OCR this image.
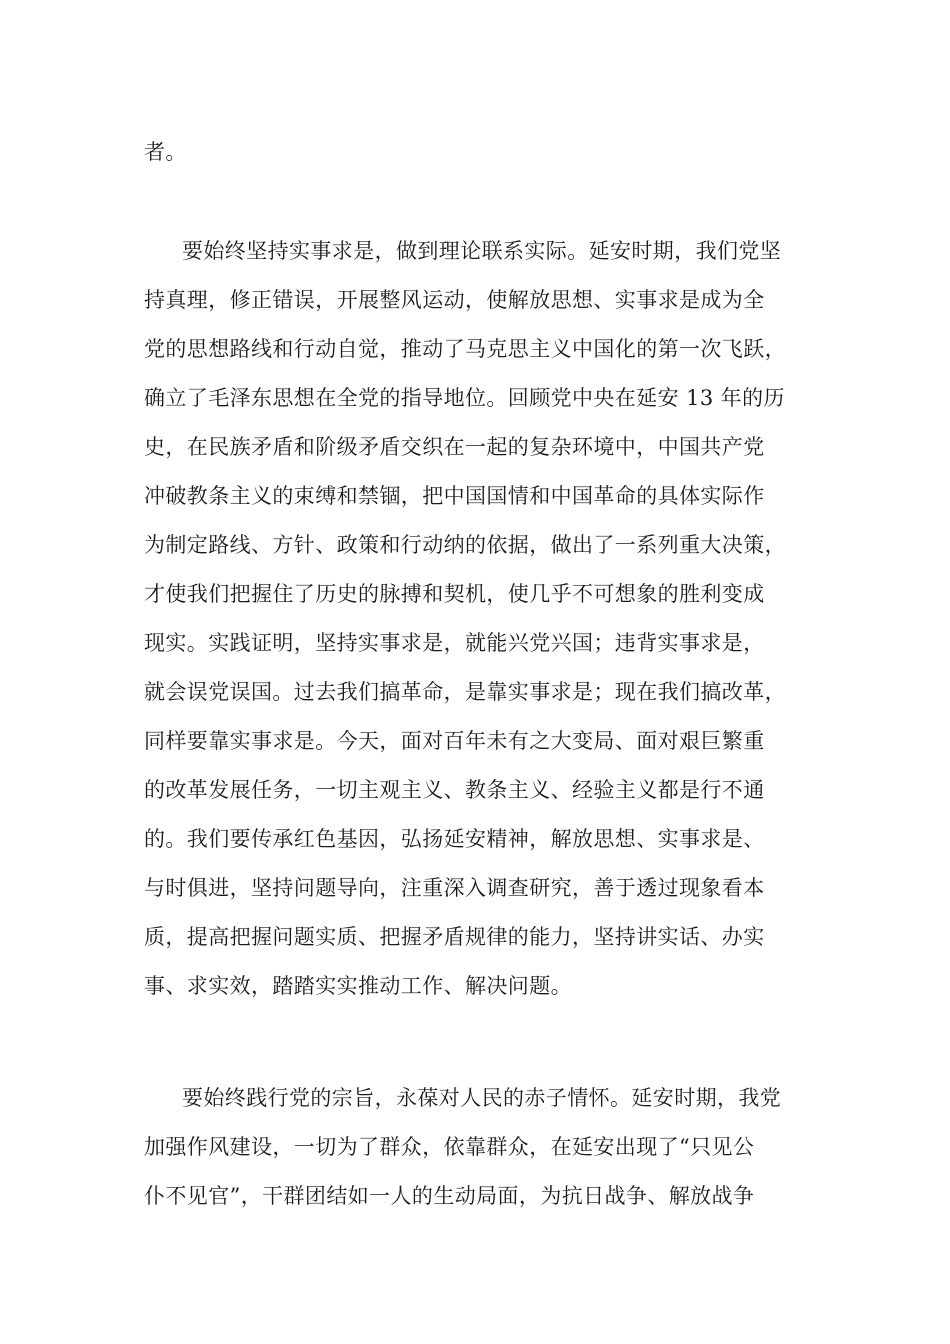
者。
要始终坚持实事求是，做到理论联系实际。延安时期，我们党坚
持真理，修正错误，开展整风运动，使解放思想、实事求是成为全
党的思想路线和行动自觉，推动了马克思主义中国化的第一次飞跃，
确立了毛泽东思想在全党的指导地位。回顾党中央在延安 13 年的历
史，在民族矛盾和阶级矛盾交织在一起的复杂环境中，中国共产党
冲破教条主义的束缚和禁锢，把中国国情和中国革命的具体实际作
为制定路线、方针、政策和行动纳的依据，做出了一系列重大决策，
才使我们把握住了历史的脉搏和契机，使几乎不可想象的胜利变成
现实。实践证明，坚持实事求是，就能兴党兴国；违背实事求是，
就会误党误国。过去我们搞革命，是靠实事求是；现在我们搞改革，
同样要靠实事求是。今天，面对百年未有之大变局、面对艰巨繁重
的改革发展任务，一切主观主义、教条主义、经验主义都是行不通
的。我们要传承红色基因，弘扬延安精神，解放思想、实事求是、
与时俱进，坚持问题导向，注重深入调查研究，善于透过现象看本
质，提高把握问题实质、把握矛盾规律的能力，坚持讲实话、办实
事、求实效，踏踏实实推动工作、解决问题。
要始终践行党的宗旨，永葆对人民的赤子情怀。延安时期，我党
加强作风建设，一切为了群众，依靠群众，在延安出现了“只见公
仆不见官”，干群团结如一人的生动局面，为抗日战争、解放战争
